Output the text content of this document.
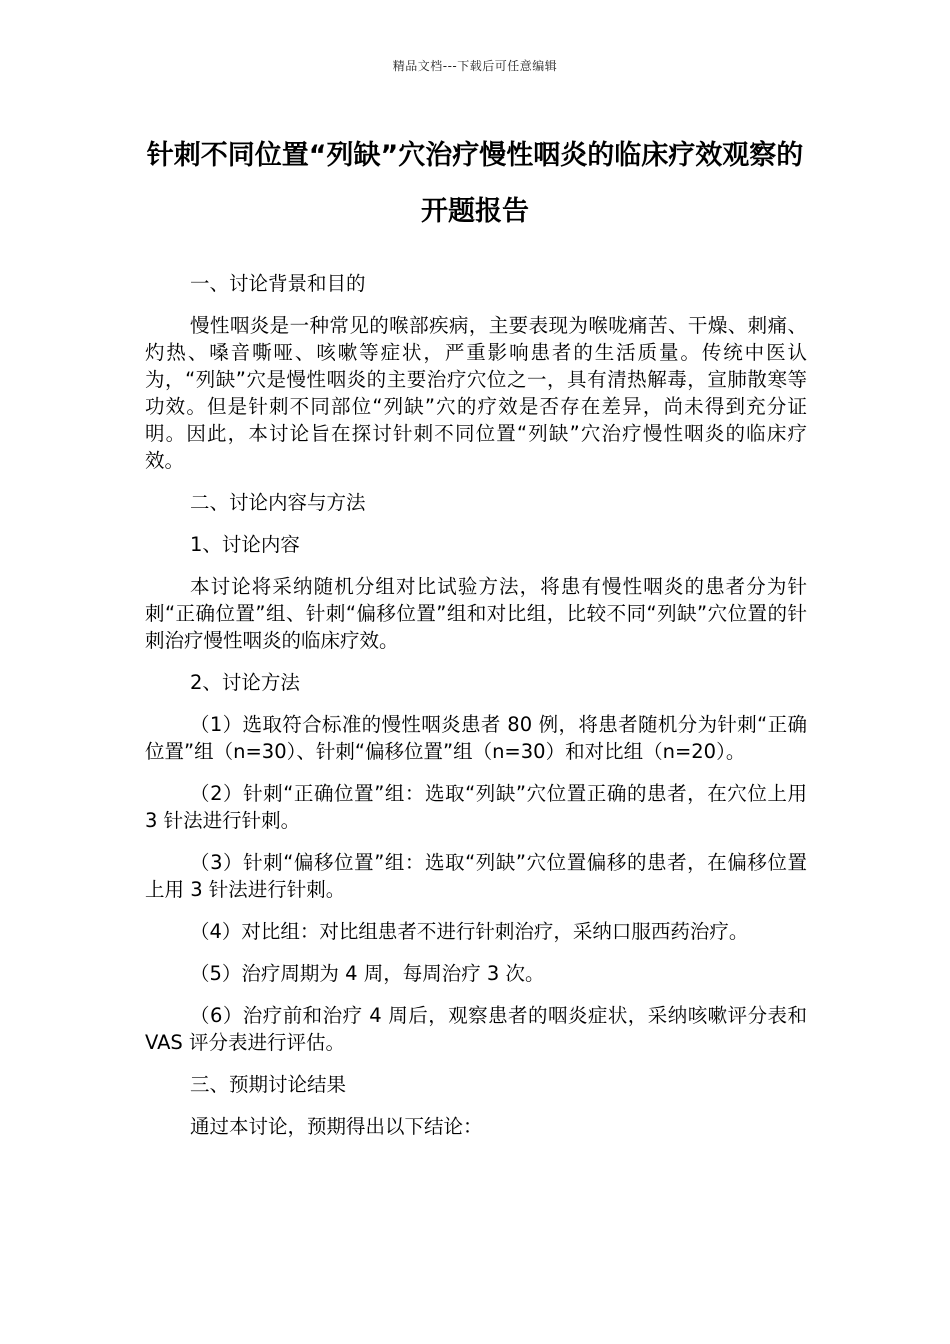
精品文档---下载后可任意编辑
针刺不同位置“列缺”穴治疗慢性咽炎的临床疗效观察的开题报告

一、讨论背景和目的

慢性咽炎是一种常见的喉部疾病，主要表现为喉咙痛苦、干燥、刺痛、灼热、嗓音嘶哑、咳嗽等症状，严重影响患者的生活质量。传统中医认为，“列缺”穴是慢性咽炎的主要治疗穴位之一，具有清热解毒，宣肺散寒等功效。但是针刺不同部位“列缺”穴的疗效是否存在差异，尚未得到充分证明。因此，本讨论旨在探讨针刺不同位置“列缺”穴治疗慢性咽炎的临床疗效。

二、讨论内容与方法

1、讨论内容

本讨论将采纳随机分组对比试验方法，将患有慢性咽炎的患者分为针刺“正确位置”组、针刺“偏移位置”组和对比组，比较不同“列缺”穴位置的针刺治疗慢性咽炎的临床疗效。

2、讨论方法

（1）选取符合标准的慢性咽炎患者 80 例，将患者随机分为针刺“正确位置”组（n=30）、针刺“偏移位置”组（n=30）和对比组（n=20）。

（2）针刺“正确位置”组：选取“列缺”穴位置正确的患者，在穴位上用 3 针法进行针刺。

（3）针刺“偏移位置”组：选取“列缺”穴位置偏移的患者，在偏移位置上用 3 针法进行针刺。

（4）对比组：对比组患者不进行针刺治疗，采纳口服西药治疗。

（5）治疗周期为 4 周，每周治疗 3 次。

（6）治疗前和治疗 4 周后，观察患者的咽炎症状，采纳咳嗽评分表和 VAS 评分表进行评估。

三、预期讨论结果

通过本讨论，预期得出以下结论：
